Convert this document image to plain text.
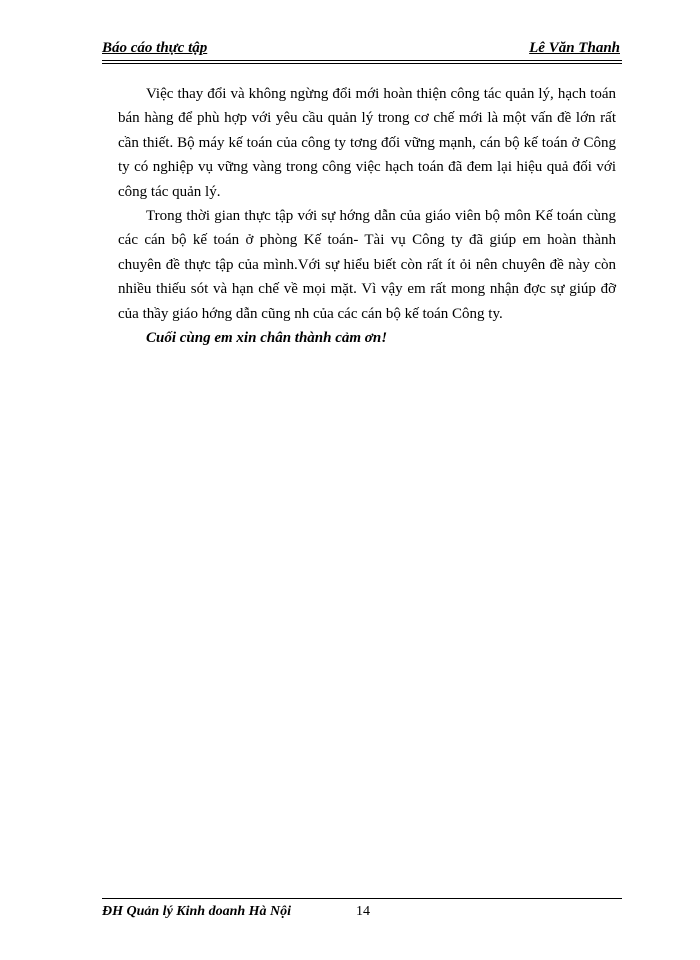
Báo cáo thực tập	Lê Văn Thanh

Việc thay đổi và không ngừng đổi mới hoàn thiện công tác quản lý, hạch toán bán hàng để phù hợp với yêu cầu quản lý trong cơ chế mới là một vấn đề lớn rất cần thiết. Bộ máy kế toán của công ty tơng đối vững mạnh, cán bộ kế toán ở Công ty có nghiệp vụ vững vàng trong công việc hạch toán đã đem lại hiệu quả đối với công tác quản lý.

Trong thời gian thực tập với sự hớng dẫn của giáo viên bộ môn Kế toán cùng các cán bộ kế toán ở phòng Kế toán- Tài vụ Công ty đã giúp em hoàn thành chuyên đề thực tập của mình.Với sự hiểu biết còn rất ít ỏi nên chuyên đề này còn nhiều thiếu sót và hạn chế về mọi mặt. Vì vậy em rất mong nhận đợc sự giúp đỡ của thầy giáo hớng dẫn cũng nh của các cán bộ kế toán Công ty.

Cuối cùng em xin chân thành cảm ơn!

ĐH Quản lý Kinh doanh Hà Nội	14
